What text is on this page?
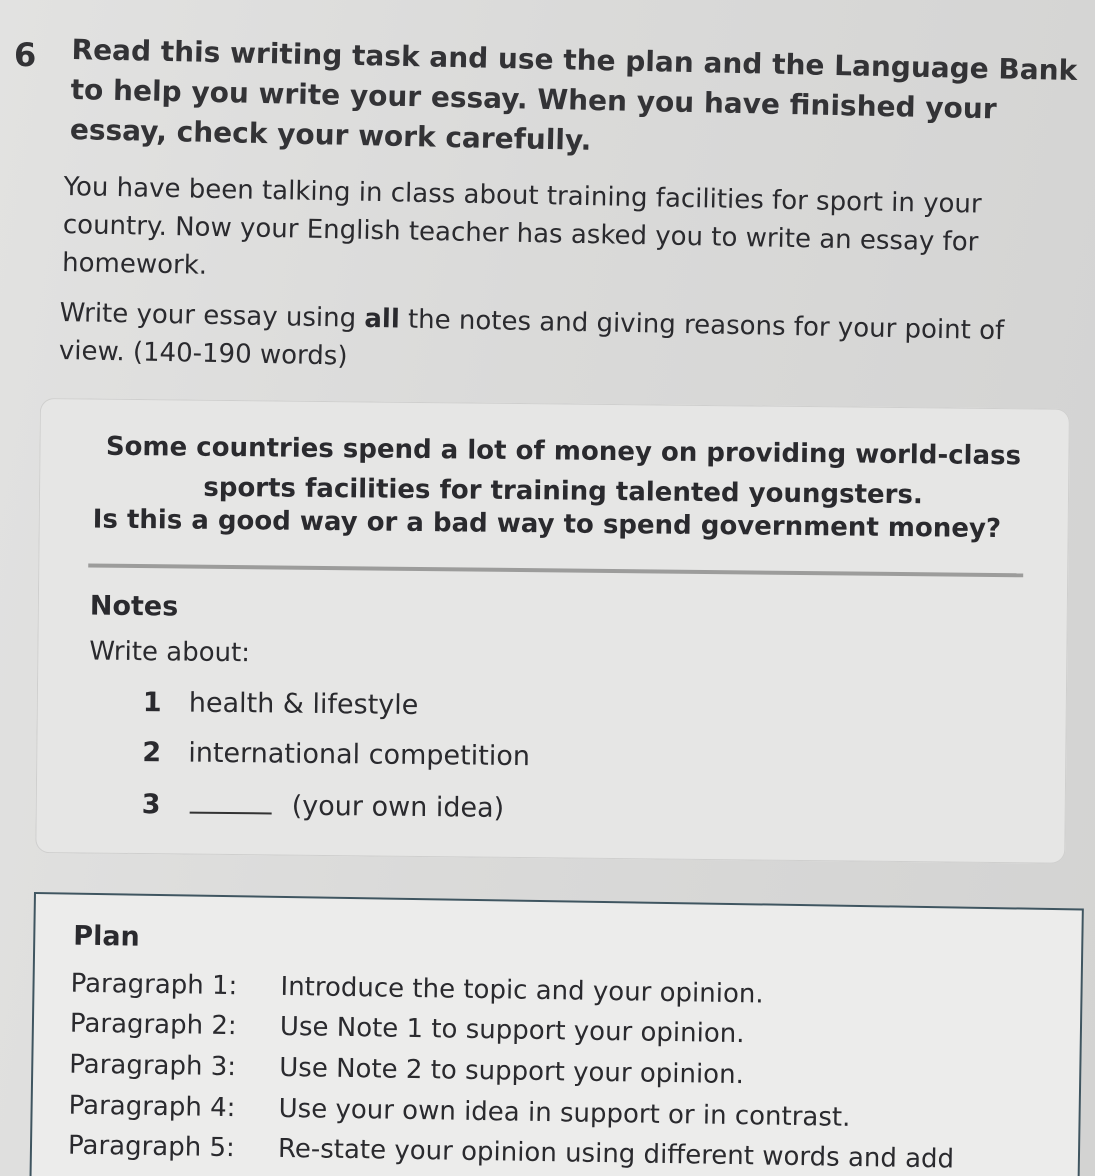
6 Read this writing task and use the plan and the Language Bank to help you write your essay. When you have finished your essay, check your work carefully.
You have been talking in class about training facilities for sport in your country. Now your English teacher has asked you to write an essay for homework.
Write your essay using all the notes and giving reasons for your point of view. (140-190 words)
Some countries spend a lot of money on providing world-class sports facilities for training talented youngsters.
Is this a good way or a bad way to spend government money?
Notes
Write about:
1 health & lifestyle
2 international competition
3	(your own idea)
Plan
Paragraph 1: Introduce the topic and your opinion.
Paragraph 2: Use Note 1 to support your opinion.
Paragraph 3: Use Note 2 to support your opinion.
Paragraph 4: Use your own idea in support or in contrast.
Paragraph 5: Re-state your opinion using different words and add
